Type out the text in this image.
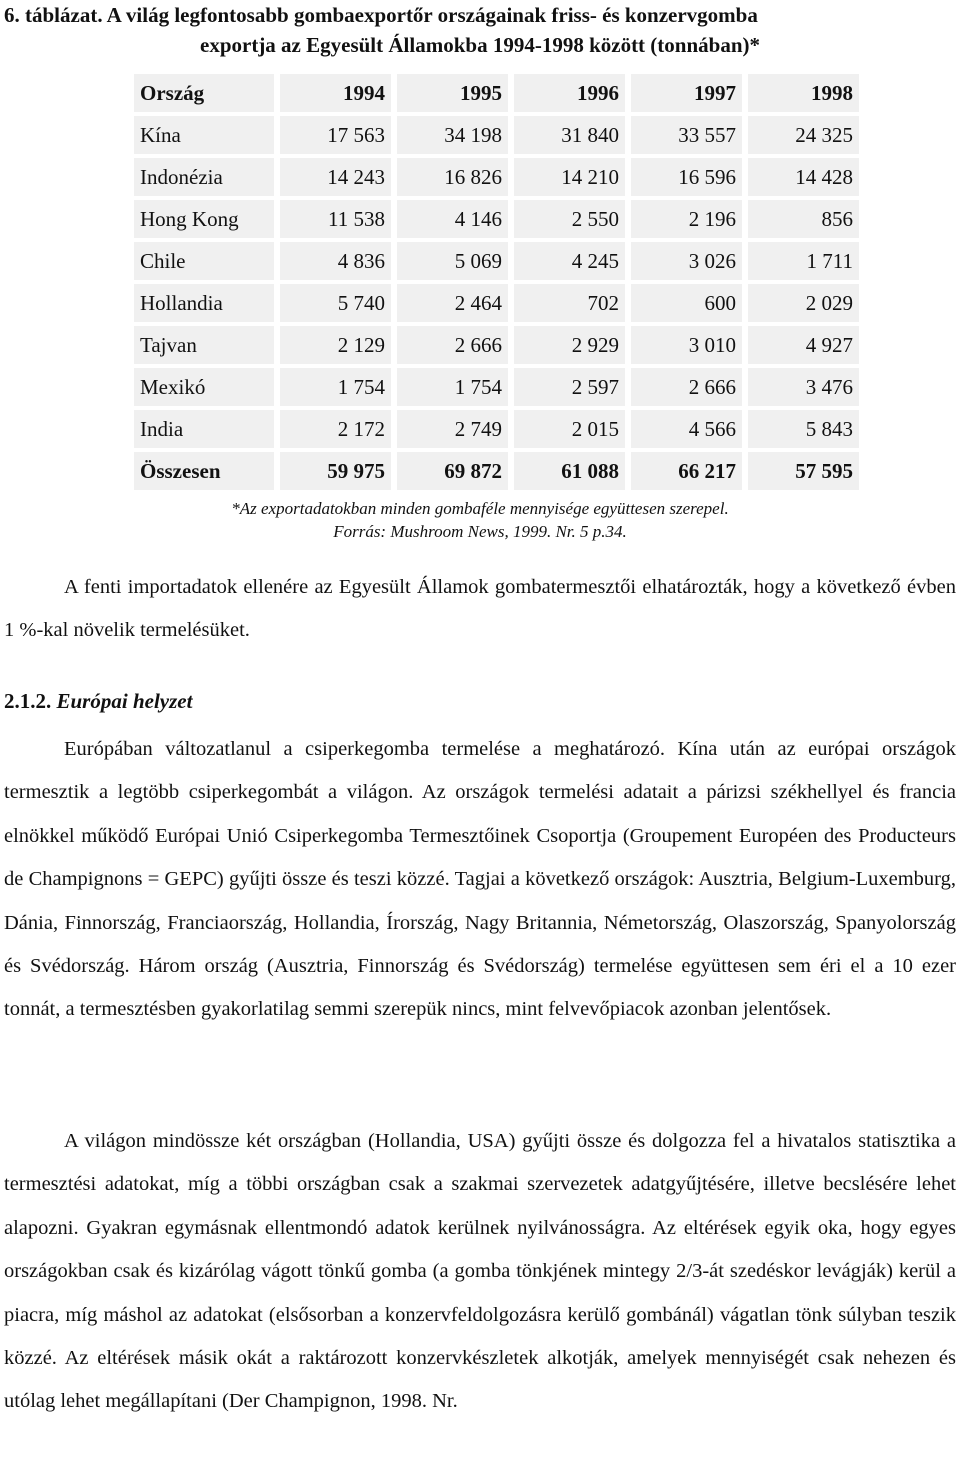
6. táblázat. A világ legfontosabb gombaexportőr országainak friss- és konzervgomba
exportja az Egyesült Államokba 1994-1998 között (tonnában)*
Ország	1994	1995	1996	1997	1998
Kína	17 563	34 198	31 840	33 557	24 325
Indonézia	14 243	16 826	14 210	16 596	14 428
Hong Kong	11 538	4 146	2 550	2 196	856
Chile	4 836	5 069	4 245	3 026	1 711
Hollandia	5 740	2 464	702	600	2 029
Tajvan	2 129	2 666	2 929	3 010	4 927
Mexikó	1 754	1 754	2 597	2 666	3 476
India	2 172	2 749	2 015	4 566	5 843
Összesen	59 975	69 872	61 088	66 217	57 595
*Az exportadatokban minden gombaféle mennyisége együttesen szerepel.
Forrás: Mushroom News, 1999. Nr. 5 p.34.

A fenti importadatok ellenére az Egyesült Államok gombatermesztői elhatározták, hogy a következő évben 1 %-kal növelik termelésüket.

2.1.2. Európai helyzet

Európában változatlanul a csiperkegomba termelése a meghatározó. Kína után az európai országok termesztik a legtöbb csiperkegombát a világon. Az országok termelési adatait a párizsi székhellyel és francia elnökkel működő Európai Unió Csiperkegomba Termesztőinek Csoportja (Groupement Européen des Producteurs de Champignons = GEPC) gyűjti össze és teszi közzé. Tagjai a következő országok: Ausztria, Belgium-Luxemburg, Dánia, Finnország, Franciaország, Hollandia, Írország, Nagy Britannia, Németország, Olaszország, Spanyolország és Svédország. Három ország (Ausztria, Finnország és Svédország) termelése együttesen sem éri el a 10 ezer tonnát, a termesztésben gyakorlatilag semmi szerepük nincs, mint felvevőpiacok azonban jelentősek.

A világon mindössze két országban (Hollandia, USA) gyűjti össze és dolgozza fel a hivatalos statisztika a termesztési adatokat, míg a többi országban csak a szakmai szervezetek adatgyűjtésére, illetve becslésére lehet alapozni. Gyakran egymásnak ellentmondó adatok kerülnek nyilvánosságra. Az eltérések egyik oka, hogy egyes országokban csak és kizárólag vágott tönkű gomba (a gomba tönkjének mintegy 2/3-át szedéskor levágják) kerül a piacra, míg máshol az adatokat (elsősorban a konzervfeldolgozásra kerülő gombánál) vágatlan tönk súlyban teszik közzé. Az eltérések másik okát a raktározott konzervkészletek alkotják, amelyek mennyiségét csak nehezen és utólag lehet megállapítani (Der Champignon, 1998. Nr.
